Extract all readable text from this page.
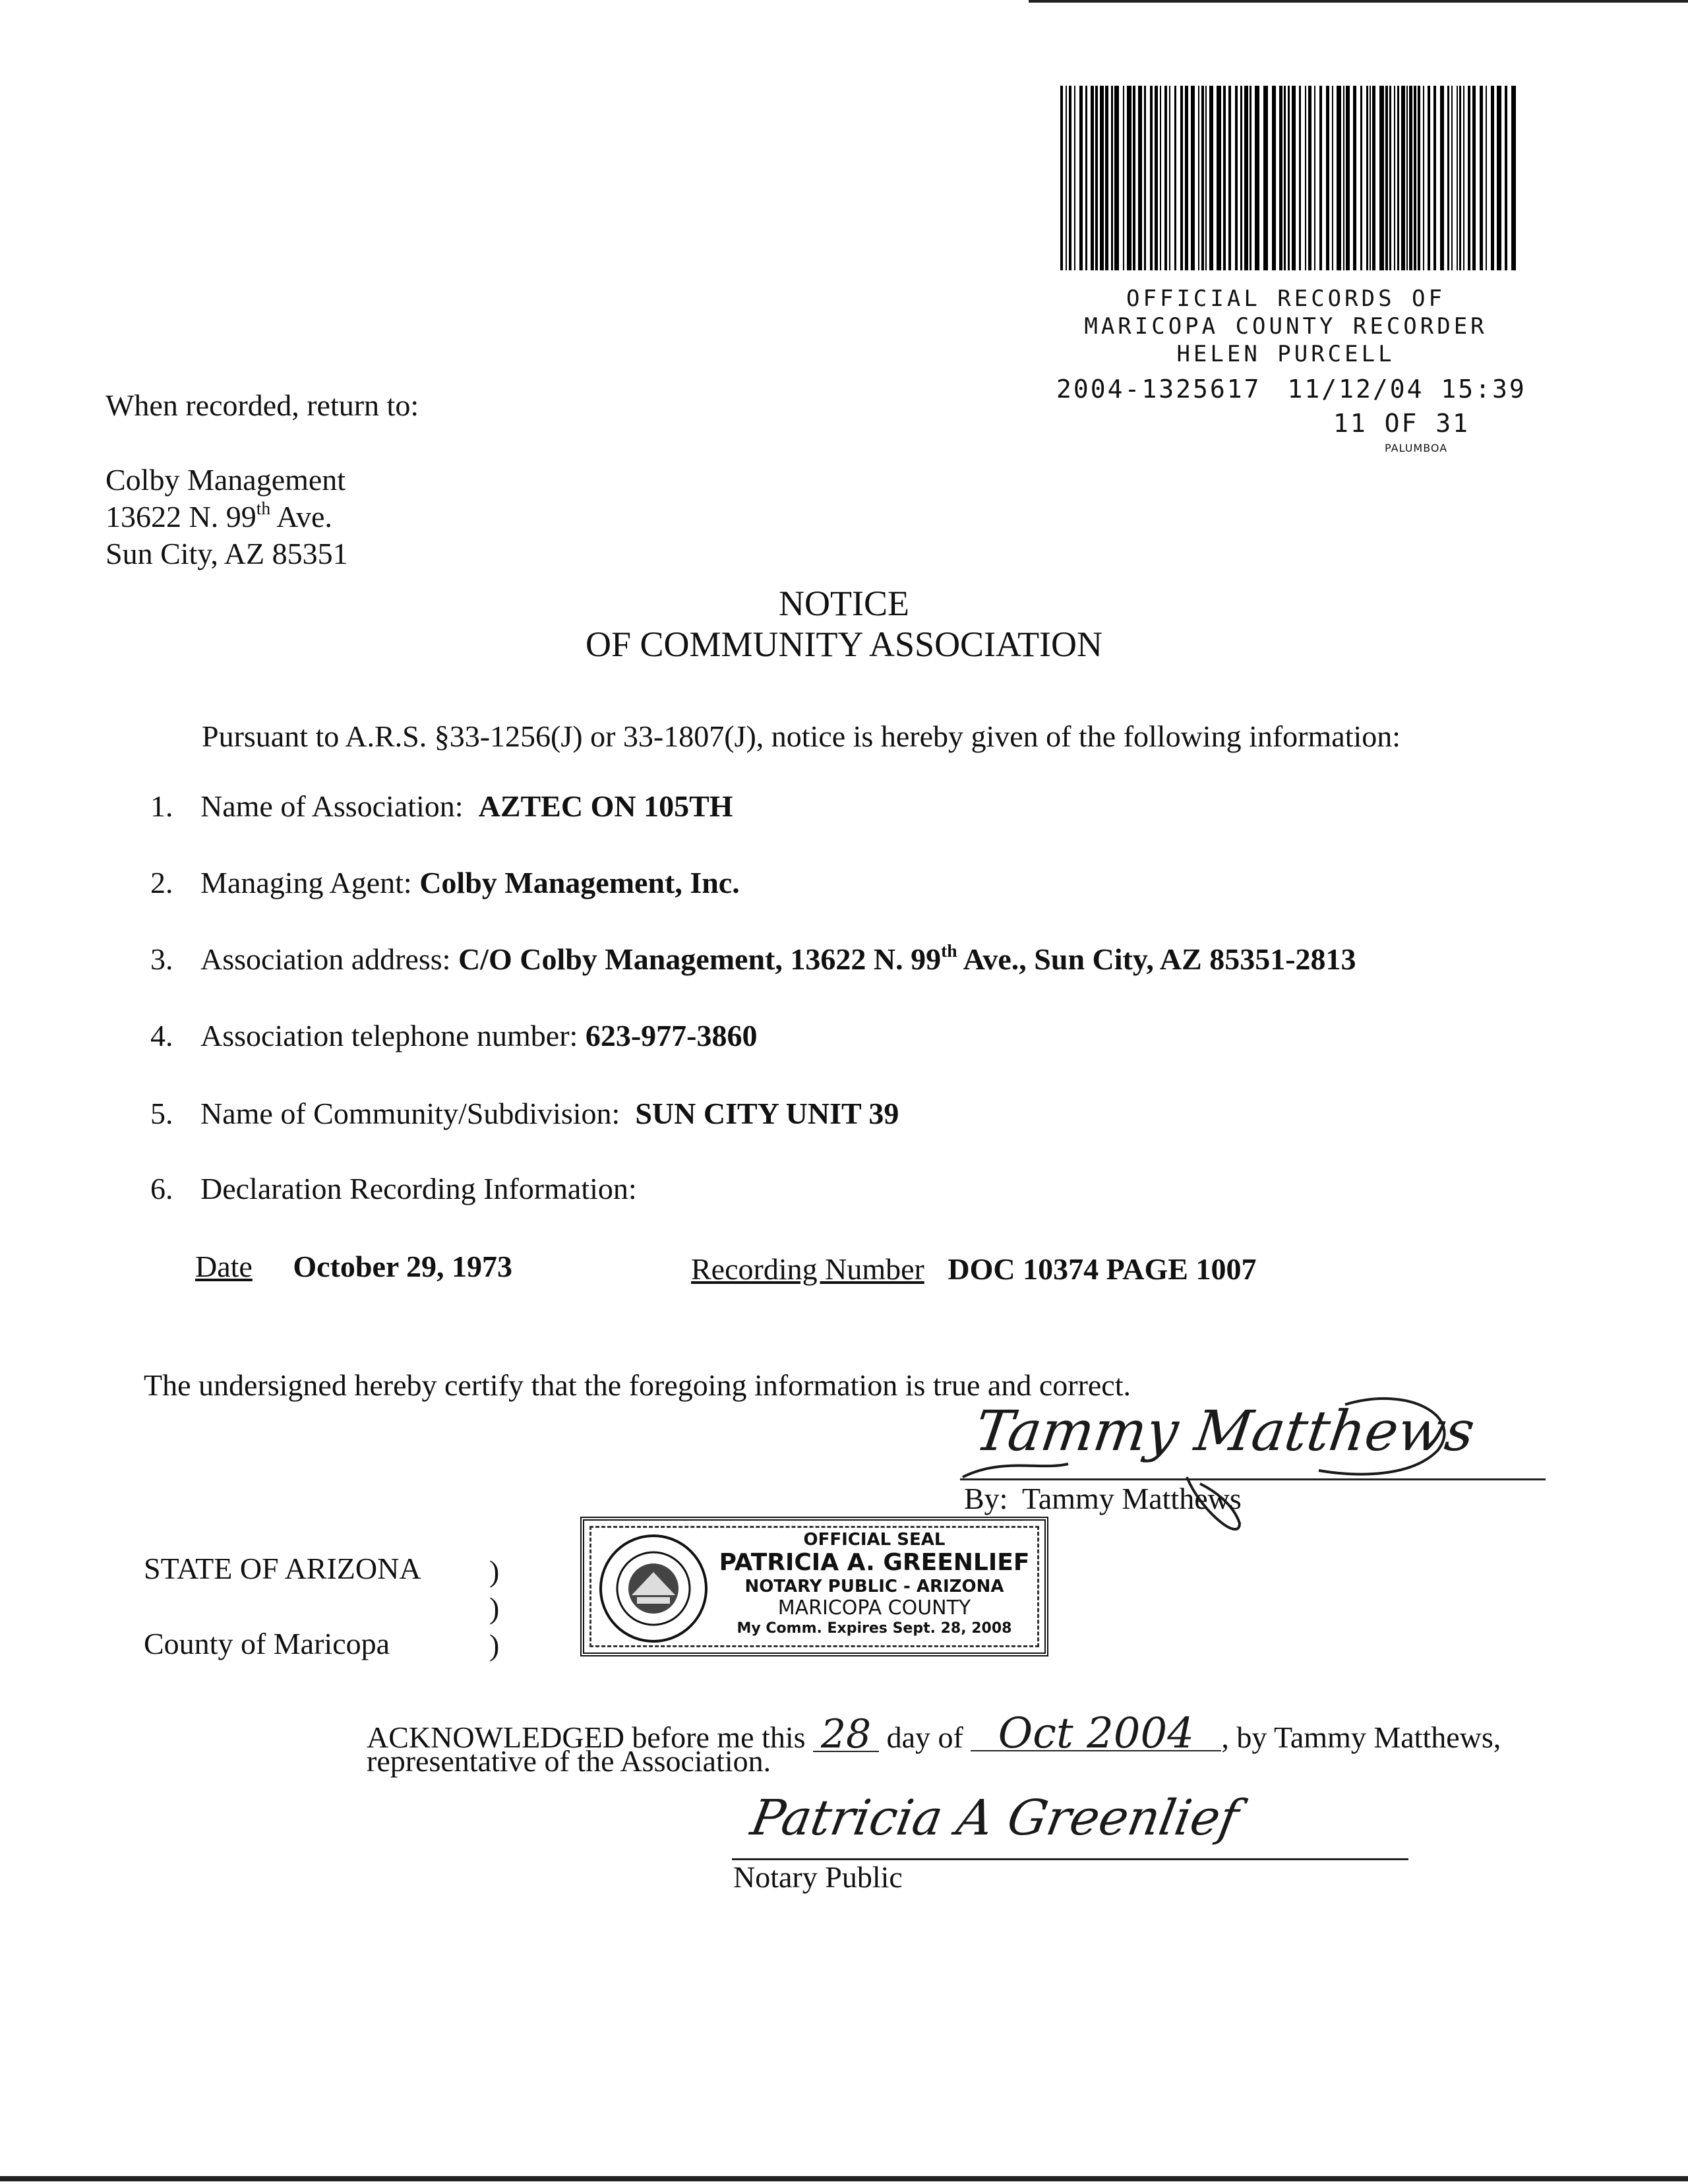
OFFICIAL RECORDS OF
MARICOPA COUNTY RECORDER
HELEN PURCELL
2004-1325617 11/12/04 15:39
11 OF 31
PALUMBOA
When recorded, return to:
Colby Management
13622 N. 99th Ave.
Sun City, AZ 85351
NOTICE
OF COMMUNITY ASSOCIATION
Pursuant to A.R.S. §33-1256(J) or 33-1807(J), notice is hereby given of the following information:
1. Name of Association: AZTEC ON 105TH
2. Managing Agent: Colby Management, Inc.
3. Association address: C/O Colby Management, 13622 N. 99th Ave., Sun City, AZ 85351-2813
4. Association telephone number: 623-977-3860
5. Name of Community/Subdivision: SUN CITY UNIT 39
6. Declaration Recording Information:
Date October 29, 1973	Recording Number DOC 10374 PAGE 1007
The undersigned hereby certify that the foregoing information is true and correct.
Tammy Matthews
By: Tammy Matthews
STATE OF ARIZONA
County of Maricopa
)
)
)
OFFICIAL SEAL
PATRICIA A. GREENLIEF
NOTARY PUBLIC - ARIZONA
MARICOPA COUNTY
My Comm. Expires Sept. 28, 2008
ACKNOWLEDGED before me this 28 day of Oct 2004 , by Tammy Matthews,
representative of the Association.
Patricia A Greenlief
Notary Public
